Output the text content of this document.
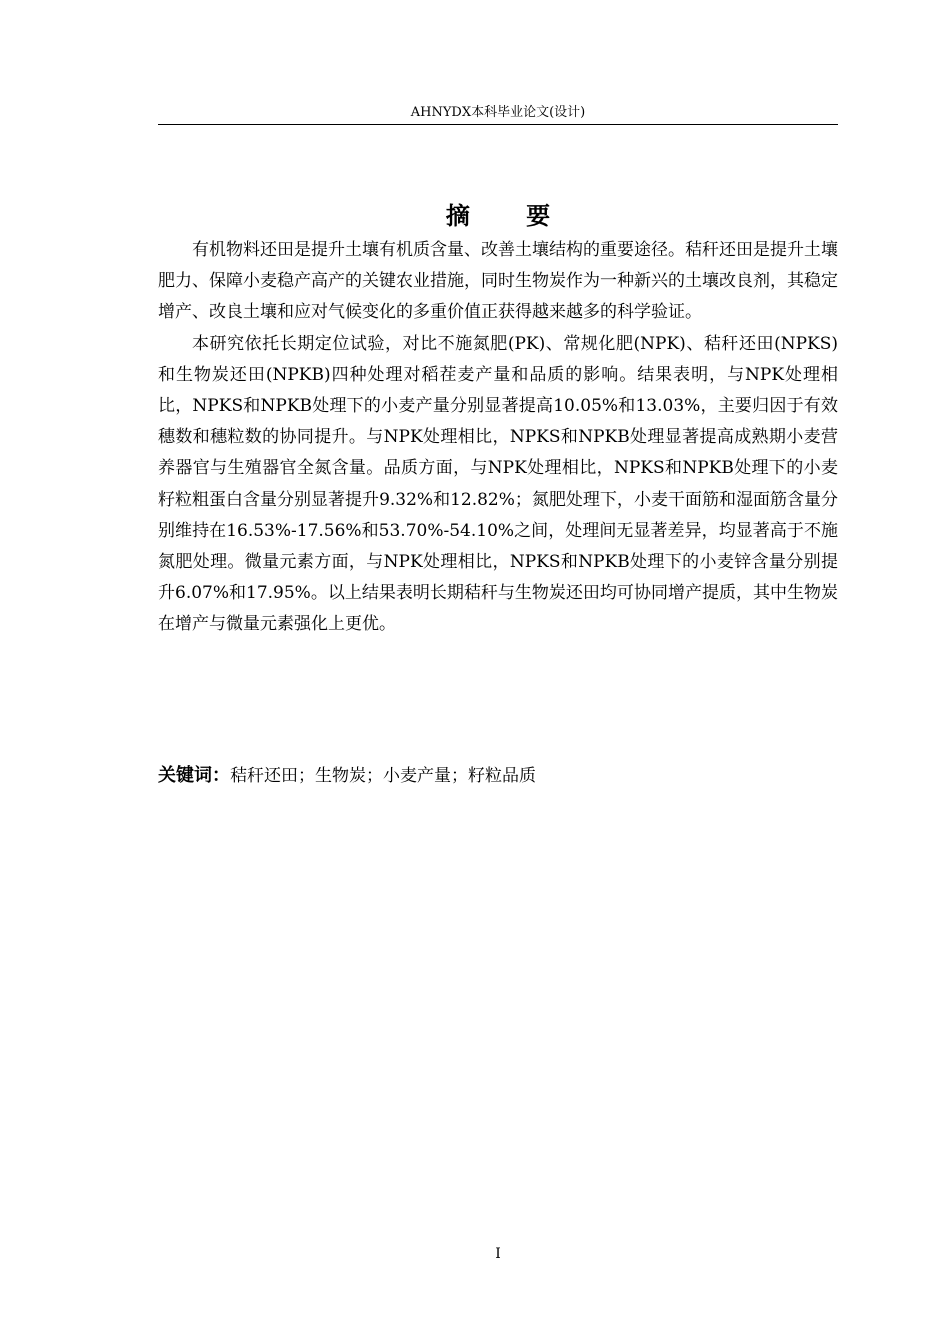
AHNYDX本科毕业论文(设计)
摘 要

有机物料还田是提升土壤有机质含量、改善土壤结构的重要途径。秸秆还田是提升土壤肥力、保障小麦稳产高产的关键农业措施，同时生物炭作为一种新兴的土壤改良剂，其稳定增产、改良土壤和应对气候变化的多重价值正获得越来越多的科学验证。

本研究依托长期定位试验，对比不施氮肥(PK)、常规化肥(NPK)、秸秆还田(NPKS)和生物炭还田(NPKB)四种处理对稻茬麦产量和品质的影响。结果表明，与NPK处理相比，NPKS和NPKB处理下的小麦产量分别显著提高10.05%和13.03%，主要归因于有效穗数和穗粒数的协同提升。与NPK处理相比，NPKS和NPKB处理显著提高成熟期小麦营养器官与生殖器官全氮含量。品质方面，与NPK处理相比，NPKS和NPKB处理下的小麦籽粒粗蛋白含量分别显著提升9.32%和12.82%；氮肥处理下，小麦干面筋和湿面筋含量分别维持在16.53%-17.56%和53.70%-54.10%之间，处理间无显著差异，均显著高于不施氮肥处理。微量元素方面，与NPK处理相比，NPKS和NPKB处理下的小麦锌含量分别提升6.07%和17.95%。以上结果表明长期秸秆与生物炭还田均可协同增产提质，其中生物炭在增产与微量元素强化上更优。

关键词：秸秆还田；生物炭；小麦产量；籽粒品质
I
